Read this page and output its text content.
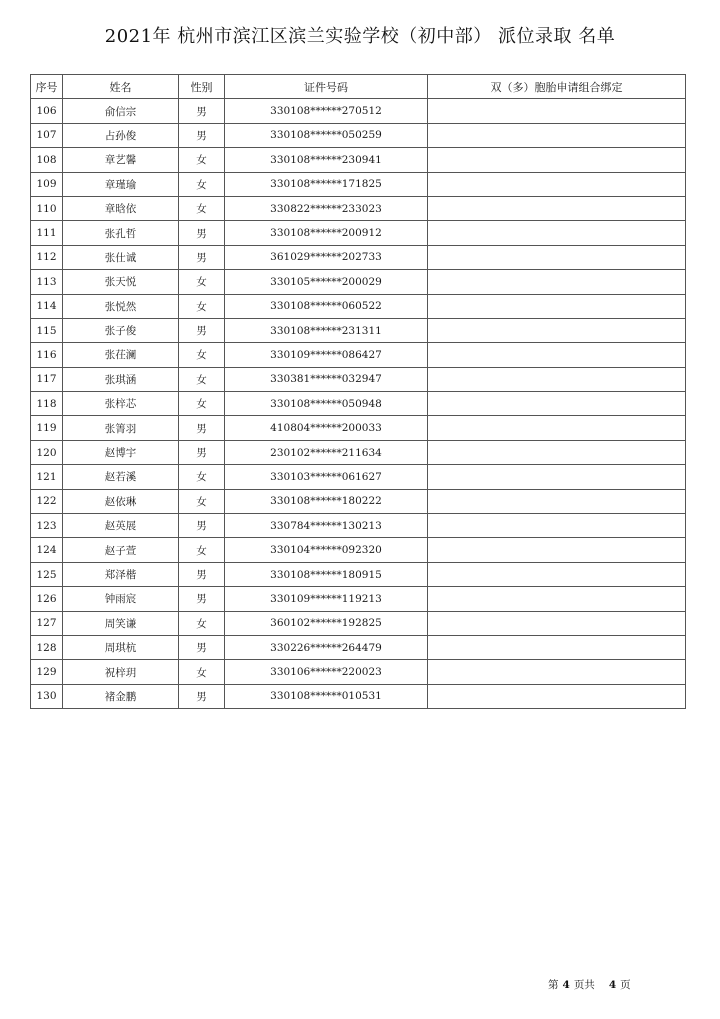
2021年 杭州市滨江区滨兰实验学校（初中部） 派位录取 名单
序号	姓名	性别	证件号码	双（多）胞胎申请组合绑定
106	俞信宗	男	330108******270512	
107	占孙俊	男	330108******050259	
108	章艺馨	女	330108******230941	
109	章瑾瑜	女	330108******171825	
110	章晗依	女	330822******233023	
111	张孔哲	男	330108******200912	
112	张仕诚	男	361029******202733	
113	张天悦	女	330105******200029	
114	张悦然	女	330108******060522	
115	张子俊	男	330108******231311	
116	张茌澜	女	330109******086427	
117	张琪涵	女	330381******032947	
118	张梓芯	女	330108******050948	
119	张箐羽	男	410804******200033	
120	赵博宇	男	230102******211634	
121	赵若溪	女	330103******061627	
122	赵依琳	女	330108******180222	
123	赵英展	男	330784******130213	
124	赵子萱	女	330104******092320	
125	郑泽楷	男	330108******180915	
126	钟雨宸	男	330109******119213	
127	周笑谦	女	360102******192825	
128	周琪杭	男	330226******264479	
129	祝梓玥	女	330106******220023	
130	褚金鹏	男	330108******010531	
第 4 页共 4 页
